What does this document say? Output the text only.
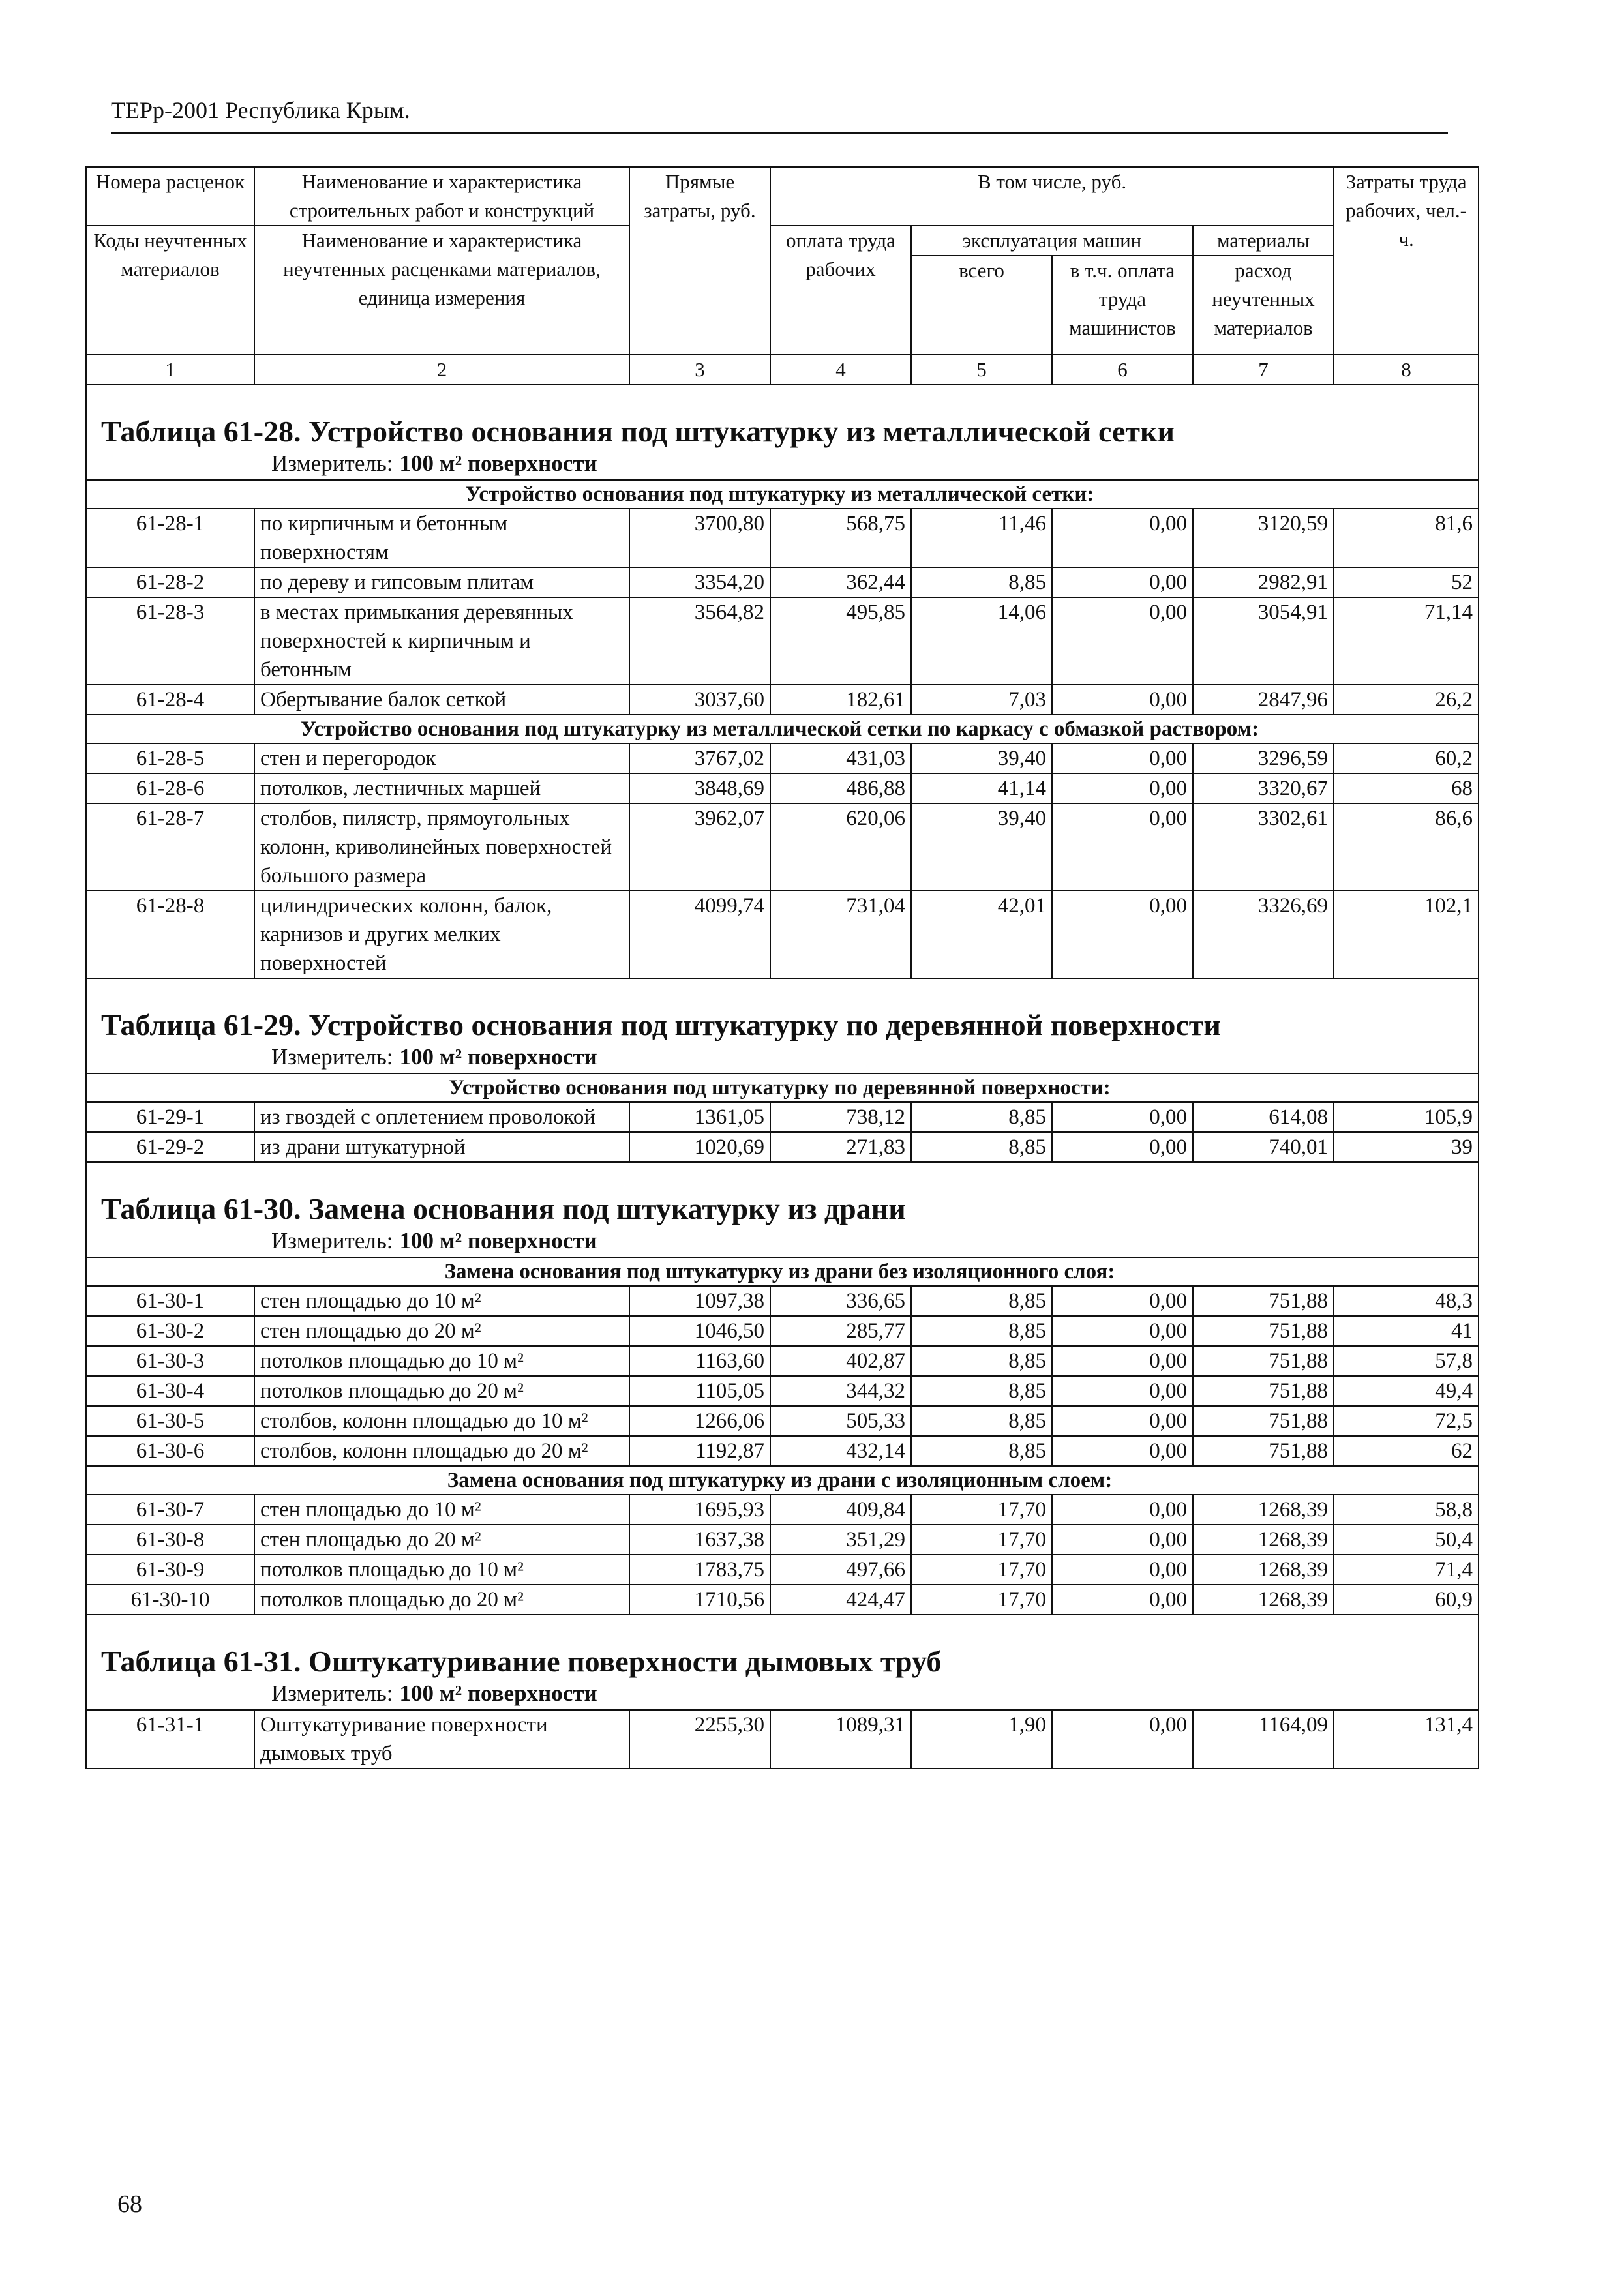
ТЕРр-2001 Республика Крым.
Номера расценок	Наименование и характеристика строительных работ и конструкций	Прямые затраты, руб.	В том числе, руб.				Затраты труда рабочих, чел.-ч.
Коды неучтенных материалов	Наименование и характеристика неучтенных расценками материалов, единица измерения		оплата труда рабочих	эксплуатация машин		материалы	
				всего	в т.ч. оплата труда машинистов	расход неучтенных материалов	
1	2	3	4	5	6	7	8
Таблица 61-28. Устройство основания под штукатурку из металлической сетки							
Измеритель: 100 м² поверхности							
Устройство основания под штукатурку из металлической сетки:							
61-28-1	по кирпичным и бетонным поверхностям	3700,80	568,75	11,46	0,00	3120,59	81,6
61-28-2	по дереву и гипсовым плитам	3354,20	362,44	8,85	0,00	2982,91	52
61-28-3	в местах примыкания деревянных поверхностей к кирпичным и бетонным	3564,82	495,85	14,06	0,00	3054,91	71,14
61-28-4	Обертывание балок сеткой	3037,60	182,61	7,03	0,00	2847,96	26,2
Устройство основания под штукатурку из металлической сетки по каркасу с обмазкой раствором:							
61-28-5	стен и перегородок	3767,02	431,03	39,40	0,00	3296,59	60,2
61-28-6	потолков, лестничных маршей	3848,69	486,88	41,14	0,00	3320,67	68
61-28-7	столбов, пилястр, прямоугольных колонн, криволинейных поверхностей большого размера	3962,07	620,06	39,40	0,00	3302,61	86,6
61-28-8	цилиндрических колонн, балок, карнизов и других мелких поверхностей	4099,74	731,04	42,01	0,00	3326,69	102,1
Таблица 61-29. Устройство основания под штукатурку по деревянной поверхности							
Измеритель: 100 м² поверхности							
Устройство основания под штукатурку по деревянной поверхности:							
61-29-1	из гвоздей с оплетением проволокой	1361,05	738,12	8,85	0,00	614,08	105,9
61-29-2	из драни штукатурной	1020,69	271,83	8,85	0,00	740,01	39
Таблица 61-30. Замена основания под штукатурку из драни							
Измеритель: 100 м² поверхности							
Замена основания под штукатурку из драни без изоляционного слоя:							
61-30-1	стен площадью до 10 м²	1097,38	336,65	8,85	0,00	751,88	48,3
61-30-2	стен площадью до 20 м²	1046,50	285,77	8,85	0,00	751,88	41
61-30-3	потолков площадью до 10 м²	1163,60	402,87	8,85	0,00	751,88	57,8
61-30-4	потолков площадью до 20 м²	1105,05	344,32	8,85	0,00	751,88	49,4
61-30-5	столбов, колонн площадью до 10 м²	1266,06	505,33	8,85	0,00	751,88	72,5
61-30-6	столбов, колонн площадью до 20 м²	1192,87	432,14	8,85	0,00	751,88	62
Замена основания под штукатурку из драни с изоляционным слоем:							
61-30-7	стен площадью до 10 м²	1695,93	409,84	17,70	0,00	1268,39	58,8
61-30-8	стен площадью до 20 м²	1637,38	351,29	17,70	0,00	1268,39	50,4
61-30-9	потолков площадью до 10 м²	1783,75	497,66	17,70	0,00	1268,39	71,4
61-30-10	потолков площадью до 20 м²	1710,56	424,47	17,70	0,00	1268,39	60,9
Таблица 61-31. Оштукатуривание поверхности дымовых труб							
Измеритель: 100 м² поверхности							
61-31-1	Оштукатуривание поверхности дымовых труб	2255,30	1089,31	1,90	0,00	1164,09	131,4
68
